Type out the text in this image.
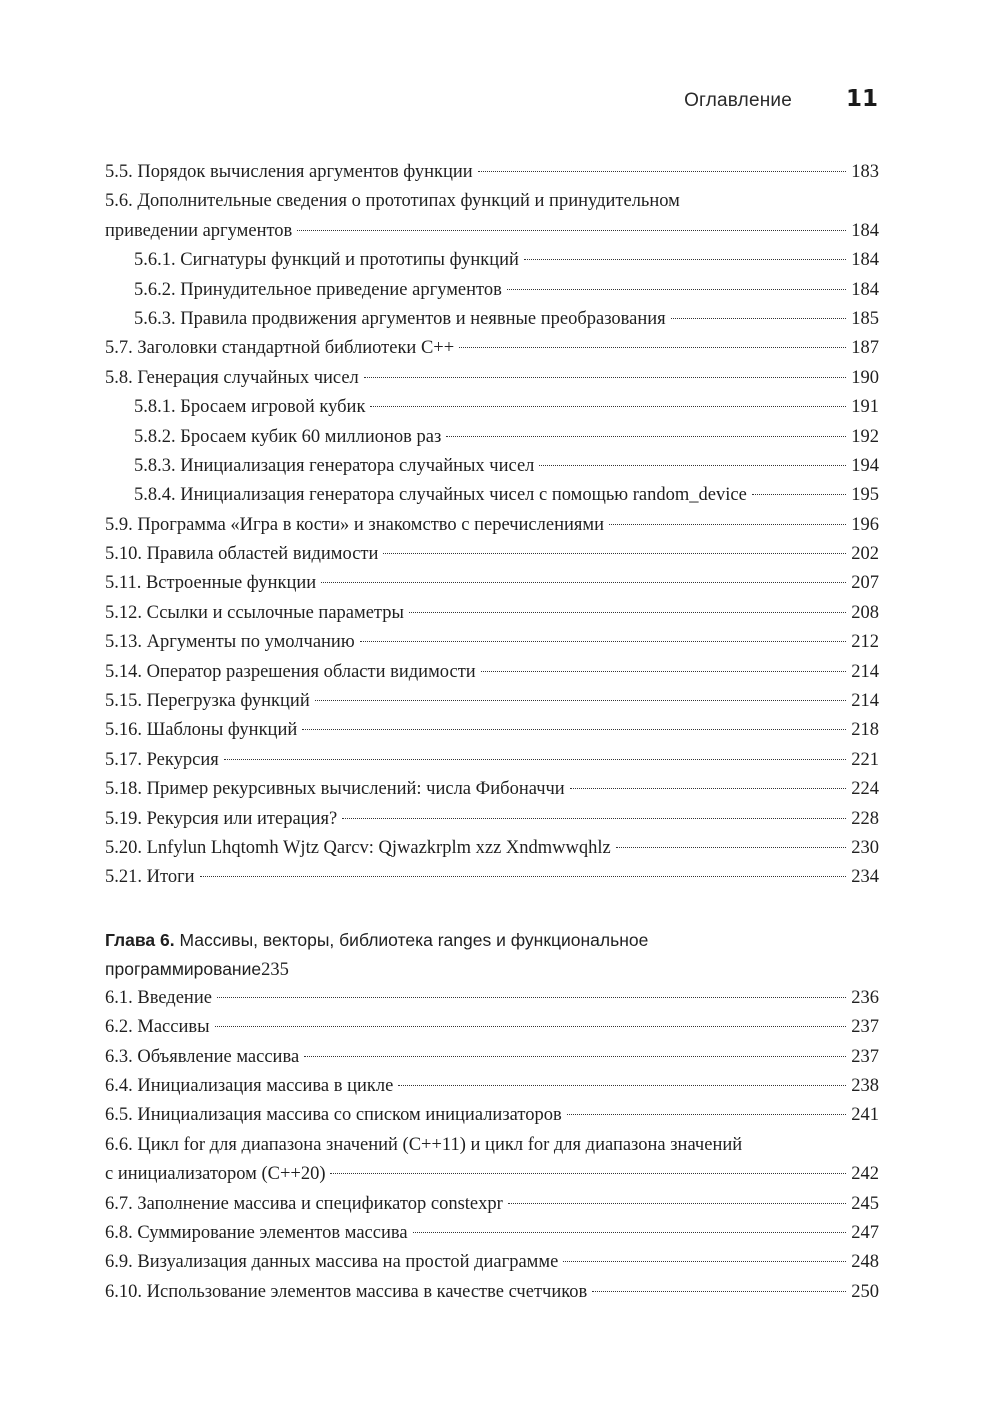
Оглавление 11
5.5. Порядок вычисления аргументов функции	183
5.6. Дополнительные сведения о прототипах функций и принудительном
приведении аргументов	184
5.6.1. Сигнатуры функций и прототипы функций	184
5.6.2. Принудительное приведение аргументов	184
5.6.3. Правила продвижения аргументов и неявные преобразования	185
5.7. Заголовки стандартной библиотеки C++	187
5.8. Генерация случайных чисел	190
5.8.1. Бросаем игровой кубик	191
5.8.2. Бросаем кубик 60 миллионов раз	192
5.8.3. Инициализация генератора случайных чисел	194
5.8.4. Инициализация генератора случайных чисел с помощью random_device	195
5.9. Программа «Игра в кости» и знакомство с перечислениями	196
5.10. Правила областей видимости	202
5.11. Встроенные функции	207
5.12. Ссылки и ссылочные параметры	208
5.13. Аргументы по умолчанию	212
5.14. Оператор разрешения области видимости	214
5.15. Перегрузка функций	214
5.16. Шаблоны функций	218
5.17. Рекурсия	221
5.18. Пример рекурсивных вычислений: числа Фибоначчи	224
5.19. Рекурсия или итерация?	228
5.20. Lnfylun Lhqtomh Wjtz Qarcv: Qjwazkrplm xzz Xndmwwqhlz	230
5.21. Итоги	234
Глава 6. Массивы, векторы, библиотека ranges и функциональное
программирование 235
6.1. Введение	236
6.2. Массивы	237
6.3. Объявление массива	237
6.4. Инициализация массива в цикле	238
6.5. Инициализация массива со списком инициализаторов	241
6.6. Цикл for для диапазона значений (C++11) и цикл for для диапазона значений
с инициализатором (C++20)	242
6.7. Заполнение массива и спецификатор constexpr	245
6.8. Суммирование элементов массива	247
6.9. Визуализация данных массива на простой диаграмме	248
6.10. Использование элементов массива в качестве счетчиков	250
